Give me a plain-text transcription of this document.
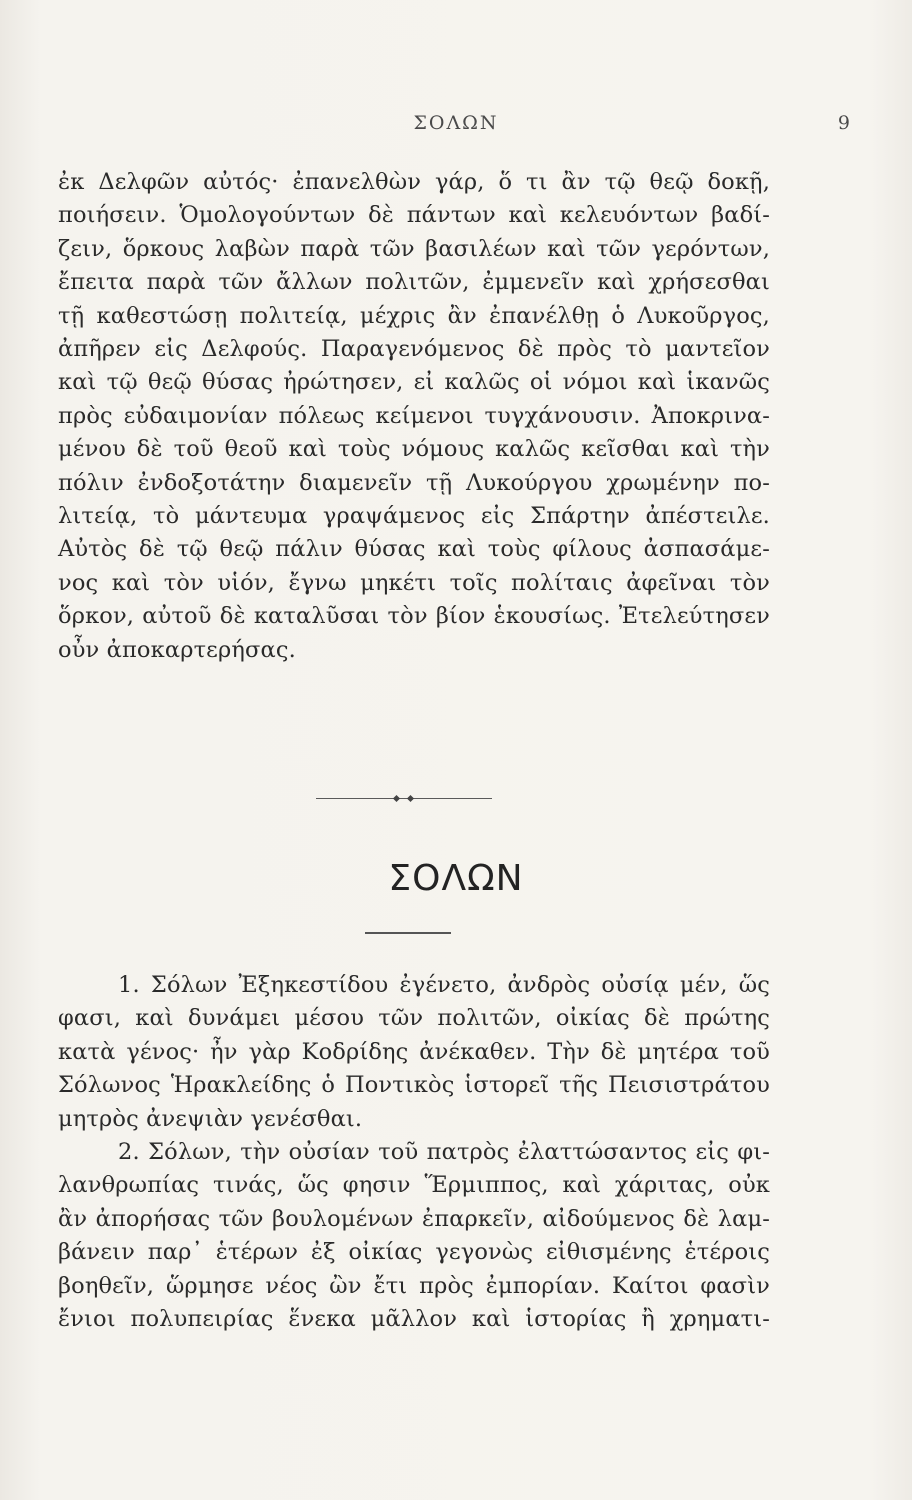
ΣΟΛΩΝ	9
ἐκ Δελφῶν αὐτός· ἐπανελθὼν γάρ, ὅ τι ἂν τῷ θεῷ δοκῇ,
ποιήσειν. Ὁμολογούντων δὲ πάντων καὶ κελευόντων βαδί-
ζειν, ὅρκους λαβὼν παρὰ τῶν βασιλέων καὶ τῶν γερόντων,
ἔπειτα παρὰ τῶν ἄλλων πολιτῶν, ἐμμενεῖν καὶ χρήσεσθαι
τῇ καθεστώσῃ πολιτείᾳ, μέχρις ἂν ἐπανέλθῃ ὁ Λυκοῦργος,
ἀπῆρεν εἰς Δελφούς. Παραγενόμενος δὲ πρὸς τὸ μαντεῖον
καὶ τῷ θεῷ θύσας ἠρώτησεν, εἰ καλῶς οἱ νόμοι καὶ ἱκανῶς
πρὸς εὐδαιμονίαν πόλεως κείμενοι τυγχάνουσιν. Ἀποκρινα-
μένου δὲ τοῦ θεοῦ καὶ τοὺς νόμους καλῶς κεῖσθαι καὶ τὴν
πόλιν ἐνδοξοτάτην διαμενεῖν τῇ Λυκούργου χρωμένην πο-
λιτείᾳ, τὸ μάντευμα γραψάμενος εἰς Σπάρτην ἀπέστειλε.
Αὐτὸς δὲ τῷ θεῷ πάλιν θύσας καὶ τοὺς φίλους ἀσπασάμε-
νος καὶ τὸν υἱόν, ἔγνω μηκέτι τοῖς πολίταις ἀφεῖναι τὸν
ὅρκον, αὐτοῦ δὲ καταλῦσαι τὸν βίον ἑκουσίως. Ἐτελεύτησεν
οὖν ἀποκαρτερήσας.
ΣΟΛΩΝ
1. Σόλων Ἐξηκεστίδου ἐγένετο, ἀνδρὸς οὐσίᾳ μέν, ὥς
φασι, καὶ δυνάμει μέσου τῶν πολιτῶν, οἰκίας δὲ πρώτης
κατὰ γένος· ἦν γὰρ Κοδρίδης ἀνέκαθεν. Τὴν δὲ μητέρα τοῦ
Σόλωνος Ἡρακλείδης ὁ Ποντικὸς ἱστορεῖ τῆς Πεισιστράτου
μητρὸς ἀνεψιὰν γενέσθαι.
2. Σόλων, τὴν οὐσίαν τοῦ πατρὸς ἐλαττώσαντος εἰς φι-
λανθρωπίας τινάς, ὥς φησιν Ἕρμιππος, καὶ χάριτας, οὐκ
ἂν ἀπορήσας τῶν βουλομένων ἐπαρκεῖν, αἰδούμενος δὲ λαμ-
βάνειν παρ᾽ ἑτέρων ἐξ οἰκίας γεγονὼς εἰθισμένης ἑτέροις
βοηθεῖν, ὥρμησε νέος ὢν ἔτι πρὸς ἐμπορίαν. Καίτοι φασὶν
ἔνιοι πολυπειρίας ἕνεκα μᾶλλον καὶ ἱστορίας ἢ χρηματι-
